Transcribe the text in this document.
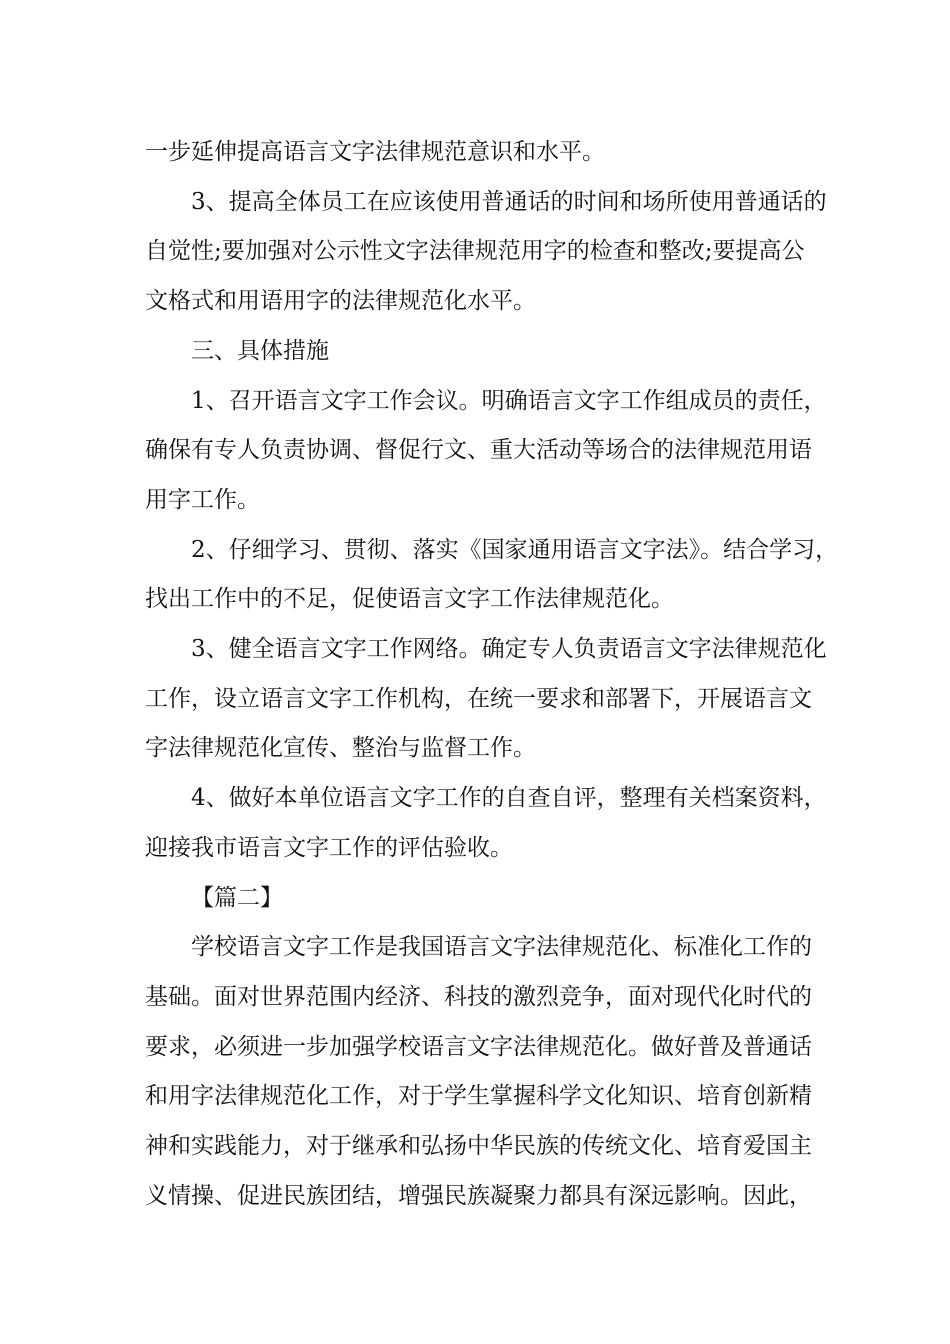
一步延伸提高语言文字法律规范意识和水平。

3、提高全体员工在应该使用普通话的时间和场所使用普通话的

自觉性;要加强对公示性文字法律规范用字的检查和整改;要提高公

文格式和用语用字的法律规范化水平。

三、具体措施

1、召开语言文字工作会议。明确语言文字工作组成员的责任，

确保有专人负责协调、督促行文、重大活动等场合的法律规范用语

用字工作。

2、仔细学习、贯彻、落实《国家通用语言文字法》。结合学习，

找出工作中的不足，促使语言文字工作法律规范化。

3、健全语言文字工作网络。确定专人负责语言文字法律规范化

工作，设立语言文字工作机构，在统一要求和部署下，开展语言文

字法律规范化宣传、整治与监督工作。

4、做好本单位语言文字工作的自查自评，整理有关档案资料，

迎接我市语言文字工作的评估验收。

【篇二】

学校语言文字工作是我国语言文字法律规范化、标准化工作的

基础。面对世界范围内经济、科技的激烈竞争，面对现代化时代的

要求，必须进一步加强学校语言文字法律规范化。做好普及普通话

和用字法律规范化工作，对于学生掌握科学文化知识、培育创新精

神和实践能力，对于继承和弘扬中华民族的传统文化、培育爱国主

义情操、促进民族团结，增强民族凝聚力都具有深远影响。因此，
